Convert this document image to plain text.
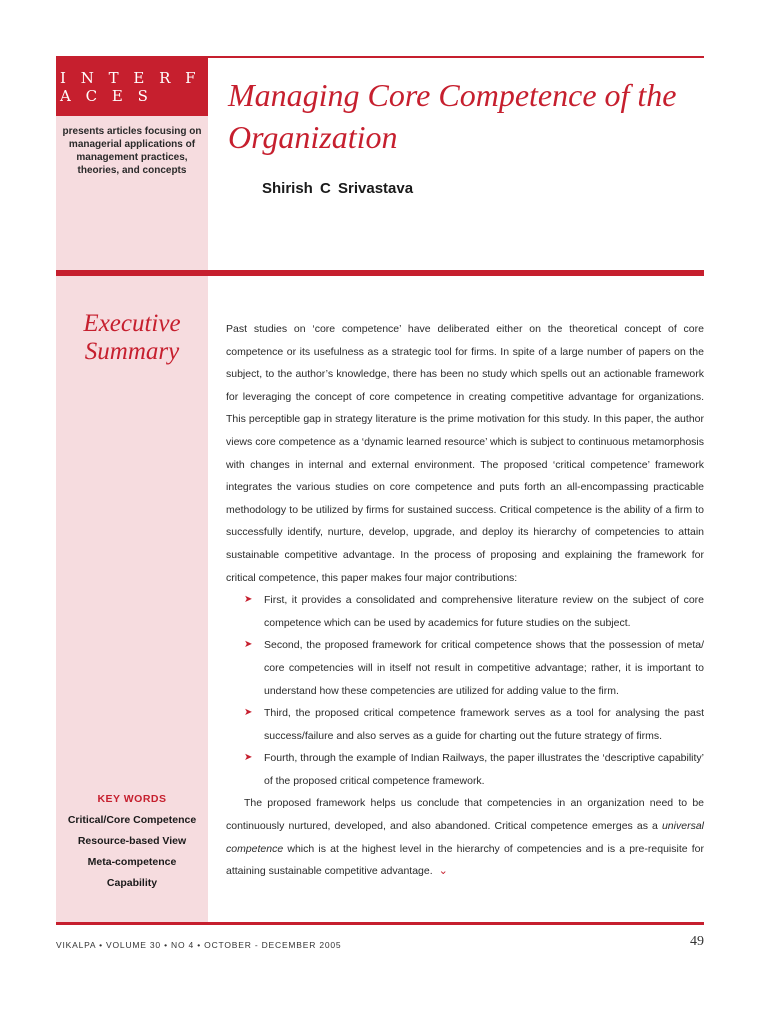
I N T E R F A C E S
presents articles focusing on managerial applications of management practices, theories, and concepts
Managing Core Competence of the Organization
Shirish C Srivastava
Executive Summary
KEY WORDS
Critical/Core Competence
Resource-based View
Meta-competence
Capability

Past studies on ‘core competence’ have deliberated either on the theoretical concept of core competence or its usefulness as a strategic tool for firms. In spite of a large number of papers on the subject, to the author’s knowledge, there has been no study which spells out an actionable framework for leveraging the concept of core competence in creating competitive advantage for organizations. This perceptible gap in strategy literature is the prime motivation for this study. In this paper, the author views core competence as a ‘dynamic learned resource’ which is subject to continuous metamorphosis with changes in internal and external environment. The proposed ‘critical competence’ framework integrates the various studies on core competence and puts forth an all-encompassing practicable methodology to be utilized by firms for sustained success. Critical competence is the ability of a firm to successfully identify, nurture, develop, upgrade, and deploy its hierarchy of competencies to attain sustainable competitive advantage. In the process of proposing and explaining the framework for critical competence, this paper makes four major contributions:

➤ First, it provides a consolidated and comprehensive literature review on the subject of core competence which can be used by academics for future studies on the subject.
➤ Second, the proposed framework for critical competence shows that the possession of meta/ core competencies will in itself not result in competitive advantage; rather, it is important to understand how these competencies are utilized for adding value to the firm.
➤ Third, the proposed critical competence framework serves as a tool for analysing the past success/failure and also serves as a guide for charting out the future strategy of firms.
➤ Fourth, through the example of Indian Railways, the paper illustrates the ‘descriptive capability’ of the proposed critical competence framework.

The proposed framework helps us conclude that competencies in an organization need to be continuously nurtured, developed, and also abandoned. Critical competence emerges as a universal competence which is at the highest level in the hierarchy of competencies and is a pre-requisite for attaining sustainable competitive advantage. ⌄

VIKALPA • VOLUME 30 • NO 4 • OCTOBER - DECEMBER 2005	49
